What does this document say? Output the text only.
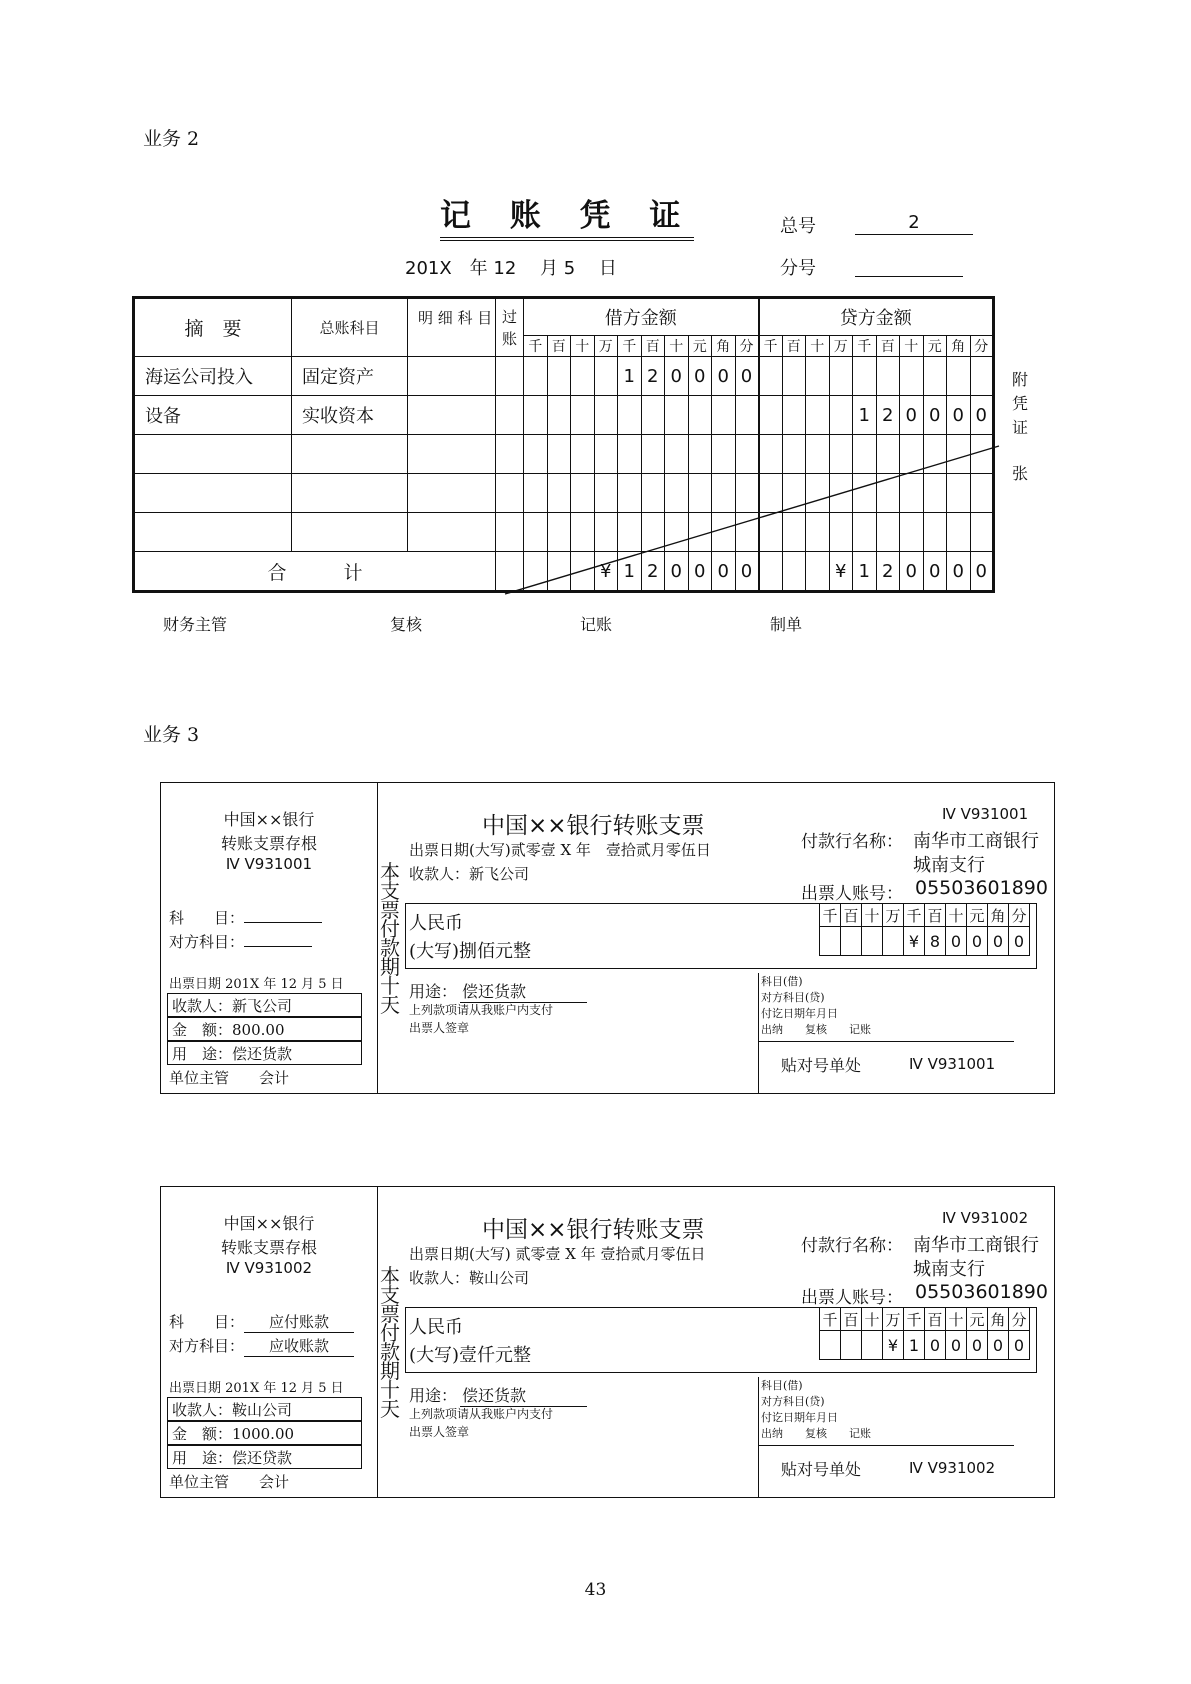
业务 2
记 账 凭 证
201X　年 12　 月 5　 日
总号	2
分号
摘　要	总账科目	明 细 科 目	过账	借方金额										贷方金额									
				千	百	十	万	千	百	十	元	角	分	千	百	十	万	千	百	十	元	角	分
海运公司投入	固定资产							1	2	0	0	0	0										
设备	实收资本																	1	2	0	0	0	0

合　　　计							¥	1	2	0	0	0	0				¥	1	2	0	0	0	0
附
凭
证
张
财务主管	复核	记账	制单
业务 3
中国××银行
转账支票存根
Ⅳ Ⅴ931001
科　　目：
对方科目：
出票日期 201X 年 12 月 5 日
收款人：新飞公司
金　额：800.00
用　途：偿还货款
单位主管　　会计
本
支
票
付
款
期
十
天
中国××银行转账支票
出票日期(大写)贰零壹 X 年　壹拾贰月零伍日
收款人：新飞公司
Ⅳ Ⅴ931001
付款行名称： 南华市工商银行
城南支行
出票人账号： 05503601890
人民币
(大写)捌佰元整
千	百	十	万	千	百	十	元	角	分
				¥	8	0	0	0	0
用途： 偿还货款
上列款项请从我账户内支付
出票人签章
科目(借)
对方科目(贷)
付讫日期年月日
出纳　　复核　　记账
贴对号单处	Ⅳ Ⅴ931001
中国××银行
转账支票存根
Ⅳ Ⅴ931002
科　　目： 应付账款
对方科目： 应收账款
出票日期 201X 年 12 月 5 日
收款人：鞍山公司
金　额：1000.00
用　途：偿还贷款
单位主管　　会计
本
支
票
付
款
期
十
天
中国××银行转账支票
出票日期(大写) 贰零壹 X 年 壹拾贰月零伍日
收款人：鞍山公司
Ⅳ Ⅴ931002
付款行名称： 南华市工商银行
城南支行
出票人账号： 05503601890
人民币
(大写)壹仟元整
千	百	十	万	千	百	十	元	角	分
			¥	1	0	0	0	0	0
用途： 偿还货款
上列款项请从我账户内支付
出票人签章
科目(借)
对方科目(贷)
付讫日期年月日
出纳　　复核　　记账
贴对号单处	Ⅳ Ⅴ931002
43
